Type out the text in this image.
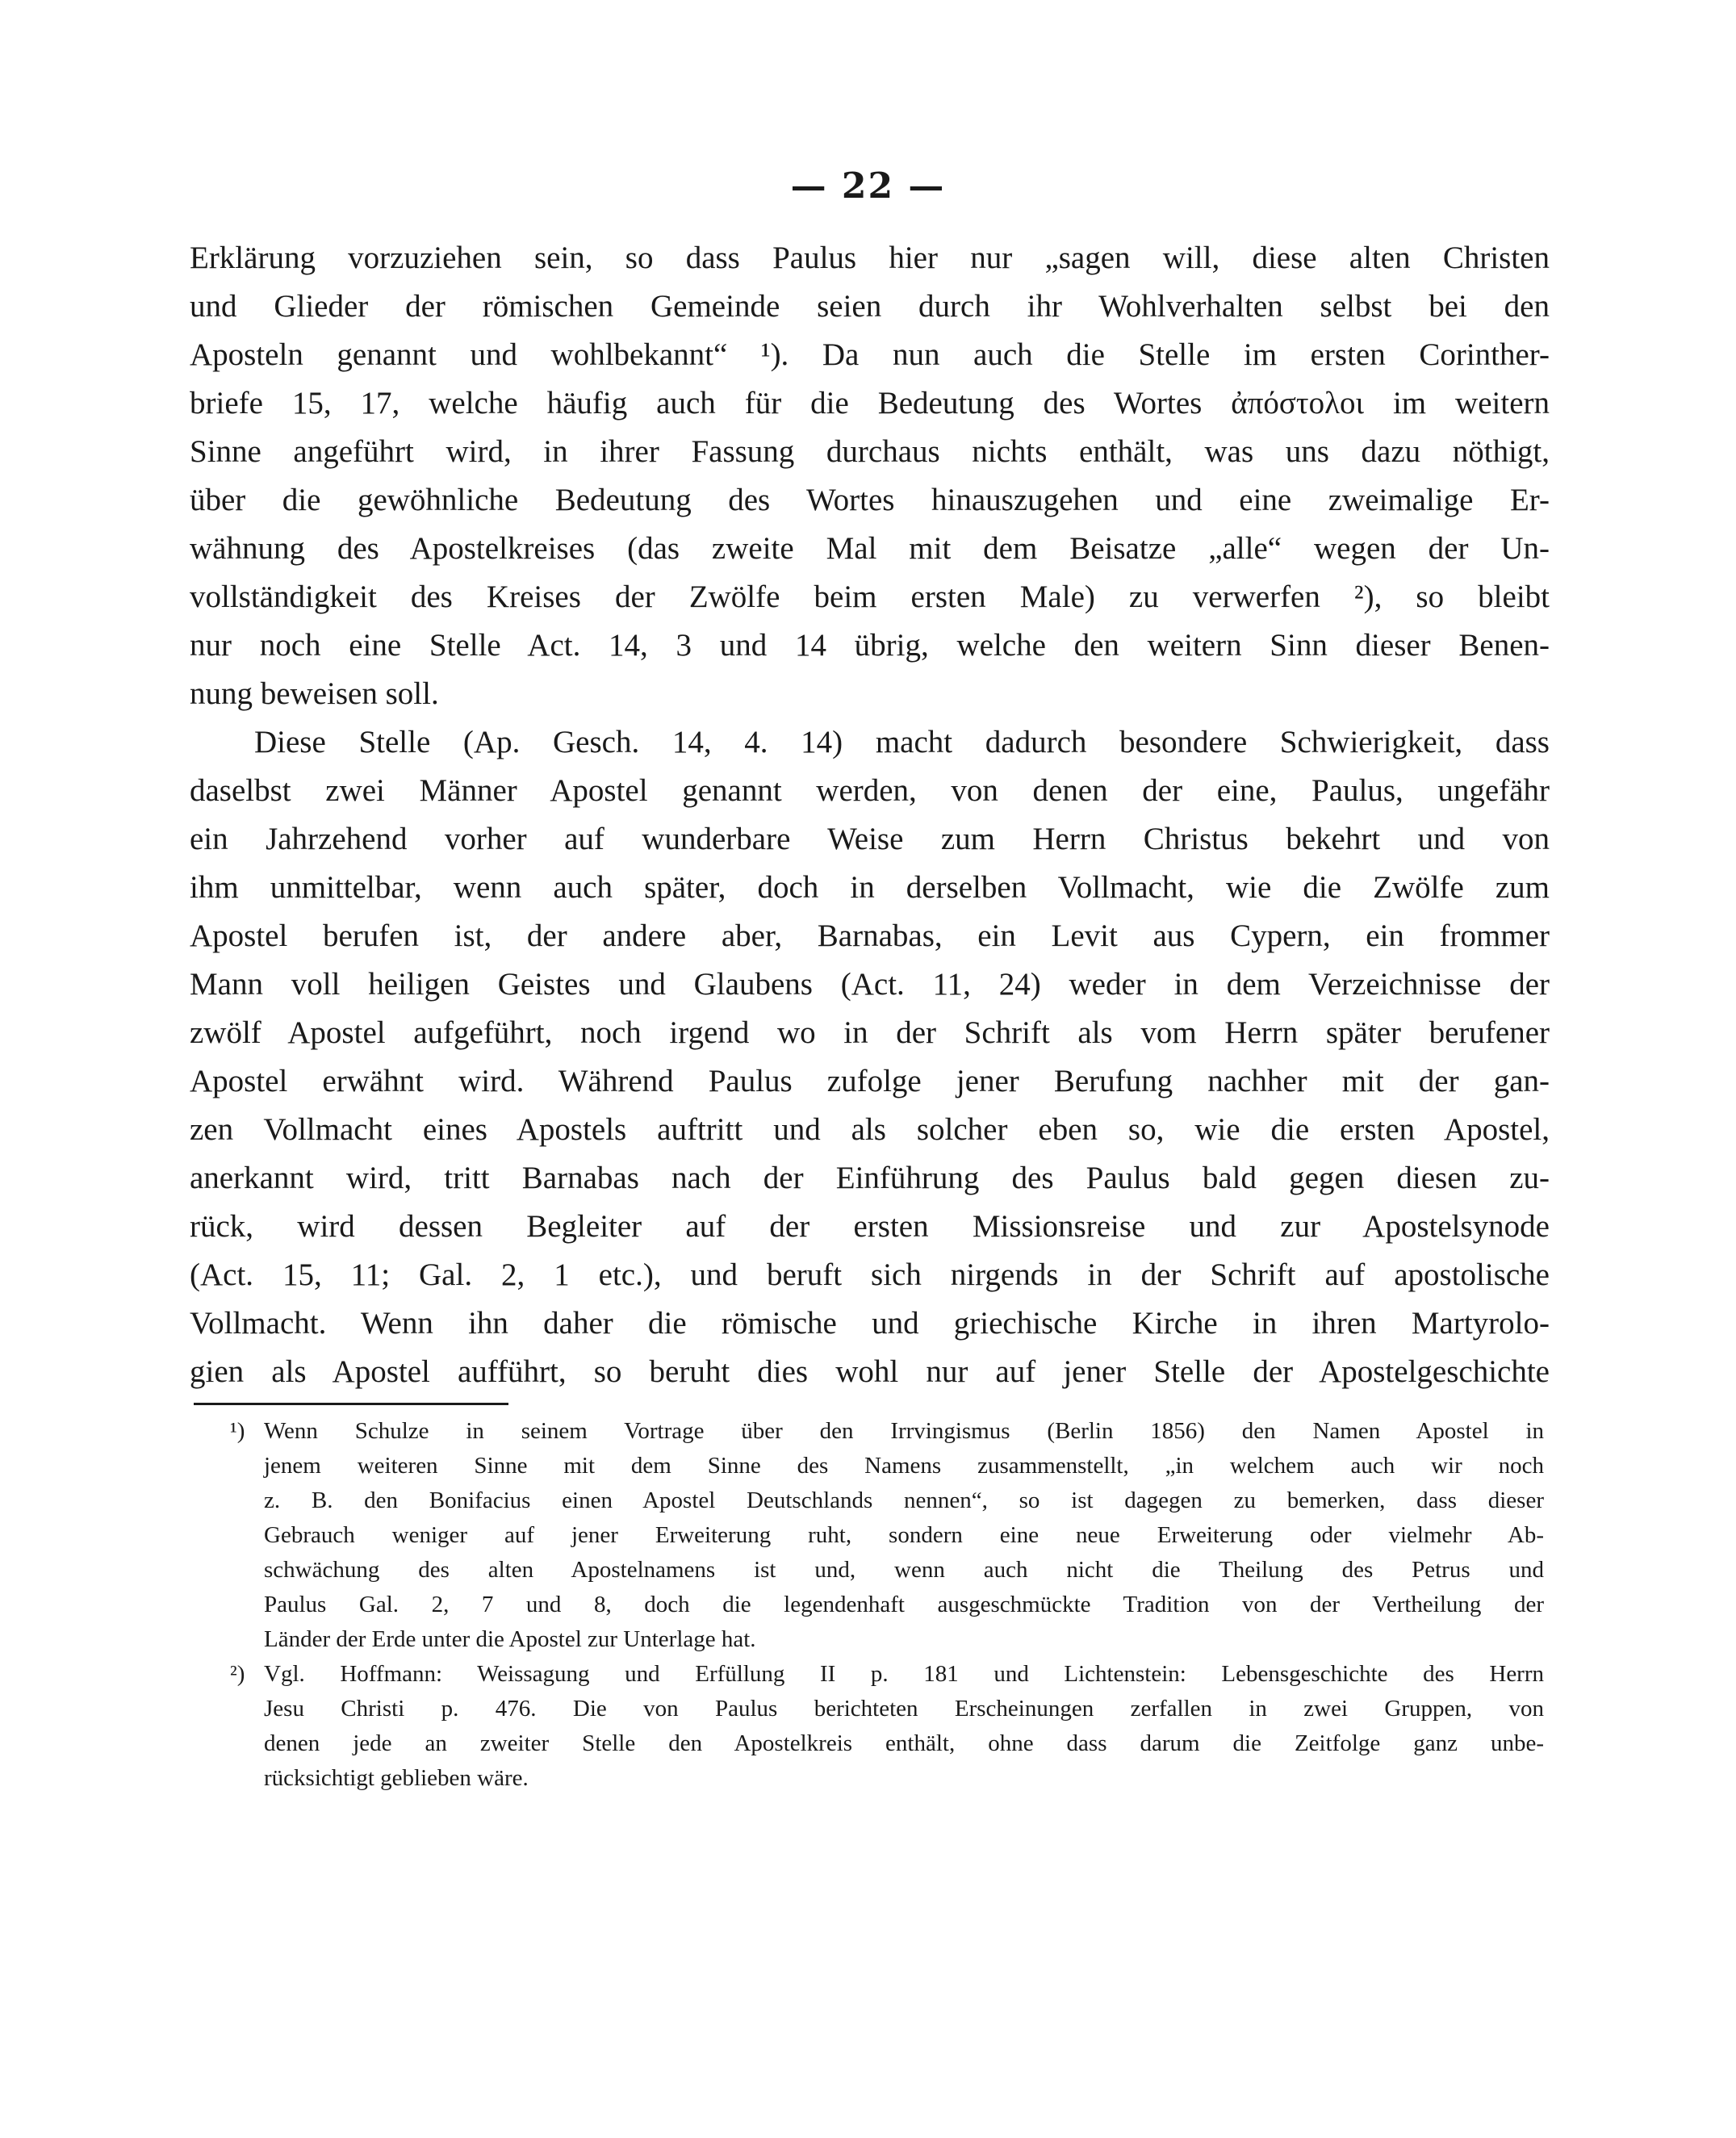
— 22 —
Erklärung vorzuziehen sein, so dass Paulus hier nur „sagen will, diese alten Christen
und Glieder der römischen Gemeinde seien durch ihr Wohlverhalten selbst bei den
Aposteln genannt und wohlbekannt“ ¹). Da nun auch die Stelle im ersten Corinther-
briefe 15, 17, welche häufig auch für die Bedeutung des Wortes ἀπόστολοι im weitern
Sinne angeführt wird, in ihrer Fassung durchaus nichts enthält, was uns dazu nöthigt,
über die gewöhnliche Bedeutung des Wortes hinauszugehen und eine zweimalige Er-
wähnung des Apostelkreises (das zweite Mal mit dem Beisatze „alle“ wegen der Un-
vollständigkeit des Kreises der Zwölfe beim ersten Male) zu verwerfen ²), so bleibt
nur noch eine Stelle Act. 14, 3 und 14 übrig, welche den weitern Sinn dieser Benen-
nung beweisen soll.
Diese Stelle (Ap. Gesch. 14, 4. 14) macht dadurch besondere Schwierigkeit, dass
daselbst zwei Männer Apostel genannt werden, von denen der eine, Paulus, ungefähr
ein Jahrzehend vorher auf wunderbare Weise zum Herrn Christus bekehrt und von
ihm unmittelbar, wenn auch später, doch in derselben Vollmacht, wie die Zwölfe zum
Apostel berufen ist, der andere aber, Barnabas, ein Levit aus Cypern, ein frommer
Mann voll heiligen Geistes und Glaubens (Act. 11, 24) weder in dem Verzeichnisse der
zwölf Apostel aufgeführt, noch irgend wo in der Schrift als vom Herrn später berufener
Apostel erwähnt wird. Während Paulus zufolge jener Berufung nachher mit der gan-
zen Vollmacht eines Apostels auftritt und als solcher eben so, wie die ersten Apostel,
anerkannt wird, tritt Barnabas nach der Einführung des Paulus bald gegen diesen zu-
rück, wird dessen Begleiter auf der ersten Missionsreise und zur Apostelsynode
(Act. 15, 11; Gal. 2, 1 etc.), und beruft sich nirgends in der Schrift auf apostolische
Vollmacht. Wenn ihn daher die römische und griechische Kirche in ihren Martyrolo-
gien als Apostel aufführt, so beruht dies wohl nur auf jener Stelle der Apostelgeschichte
¹) Wenn Schulze in seinem Vortrage über den Irrvingismus (Berlin 1856) den Namen Apostel in
jenem weiteren Sinne mit dem Sinne des Namens zusammenstellt, „in welchem auch wir noch
z. B. den Bonifacius einen Apostel Deutschlands nennen“, so ist dagegen zu bemerken, dass dieser
Gebrauch weniger auf jener Erweiterung ruht, sondern eine neue Erweiterung oder vielmehr Ab-
schwächung des alten Apostelnamens ist und, wenn auch nicht die Theilung des Petrus und
Paulus Gal. 2, 7 und 8, doch die legendenhaft ausgeschmückte Tradition von der Vertheilung der
Länder der Erde unter die Apostel zur Unterlage hat.
²) Vgl. Hoffmann: Weissagung und Erfüllung II p. 181 und Lichtenstein: Lebensgeschichte des Herrn
Jesu Christi p. 476. Die von Paulus berichteten Erscheinungen zerfallen in zwei Gruppen, von
denen jede an zweiter Stelle den Apostelkreis enthält, ohne dass darum die Zeitfolge ganz unbe-
rücksichtigt geblieben wäre.
